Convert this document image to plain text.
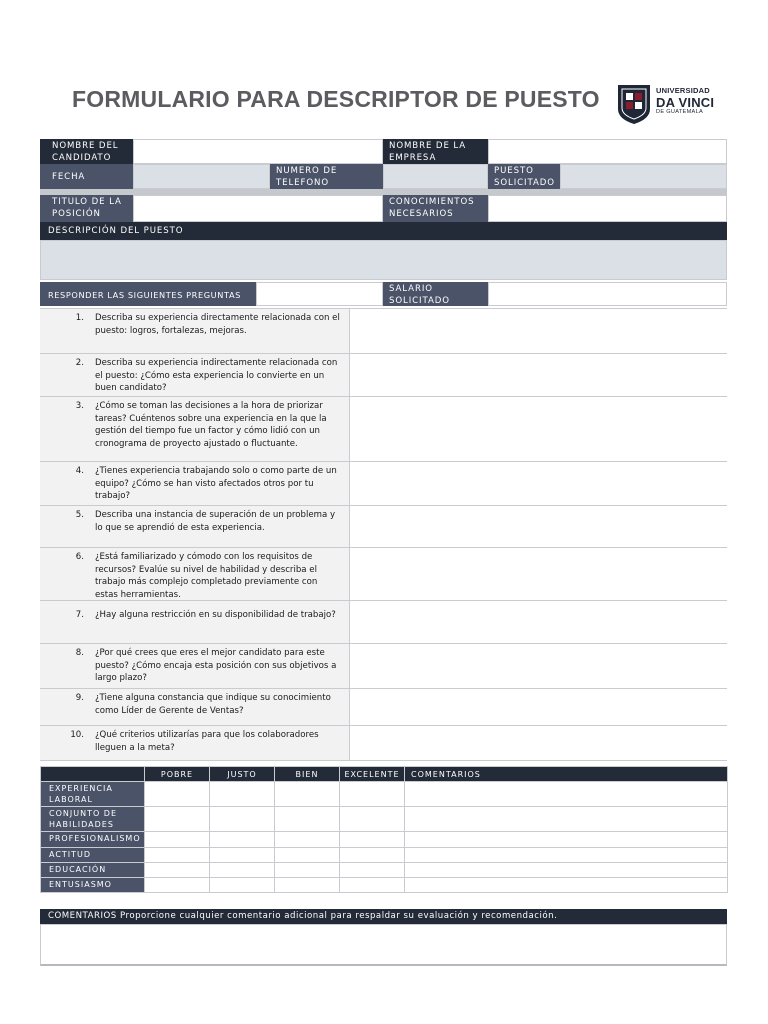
FORMULARIO PARA DESCRIPTOR DE PUESTO	UNIVERSIDAD
DA VINCI
DE GUATEMALA
NOMBRE DEL CANDIDATO
NOMBRE DE LA EMPRESA
FECHA
NUMERO DE TELEFONO
PUESTO SOLICITADO
TITULO DE LA POSICIÓN
CONOCIMIENTOS NECESARIOS
DESCRIPCIÓN DEL PUESTO
RESPONDER LAS SIGUIENTES PREGUNTAS
SALARIO SOLICITADO
1. Describa su experiencia directamente relacionada con el puesto: logros, fortalezas, mejoras.
2. Describa su experiencia indirectamente relacionada con el puesto: ¿Cómo esta experiencia lo convierte en un buen candidato?
3. ¿Cómo se toman las decisiones a la hora de priorizar tareas? Cuéntenos sobre una experiencia en la que la gestión del tiempo fue un factor y cómo lidió con un cronograma de proyecto ajustado o fluctuante.
4. ¿Tienes experiencia trabajando solo o como parte de un equipo? ¿Cómo se han visto afectados otros por tu trabajo?
5. Describa una instancia de superación de un problema y lo que se aprendió de esta experiencia.
6. ¿Está familiarizado y cómodo con los requisitos de recursos? Evalúe su nivel de habilidad y describa el trabajo más complejo completado previamente con estas herramientas.
7. ¿Hay alguna restricción en su disponibilidad de trabajo?
8. ¿Por qué crees que eres el mejor candidato para este puesto? ¿Cómo encaja esta posición con sus objetivos a largo plazo?
9. ¿Tiene alguna constancia que indique su conocimiento como Líder de Gerente de Ventas?
10. ¿Qué criterios utilizarías para que los colaboradores lleguen a la meta?
	POBRE	JUSTO	BIEN	EXCELENTE	COMENTARIOS
EXPERIENCIA LABORAL					
CONJUNTO DE HABILIDADES					
PROFESIONALISMO					
ACTITUD					
EDUCACIÓN					
ENTUSIASMO					
COMENTARIOS Proporcione cualquier comentario adicional para respaldar su evaluación y recomendación.
